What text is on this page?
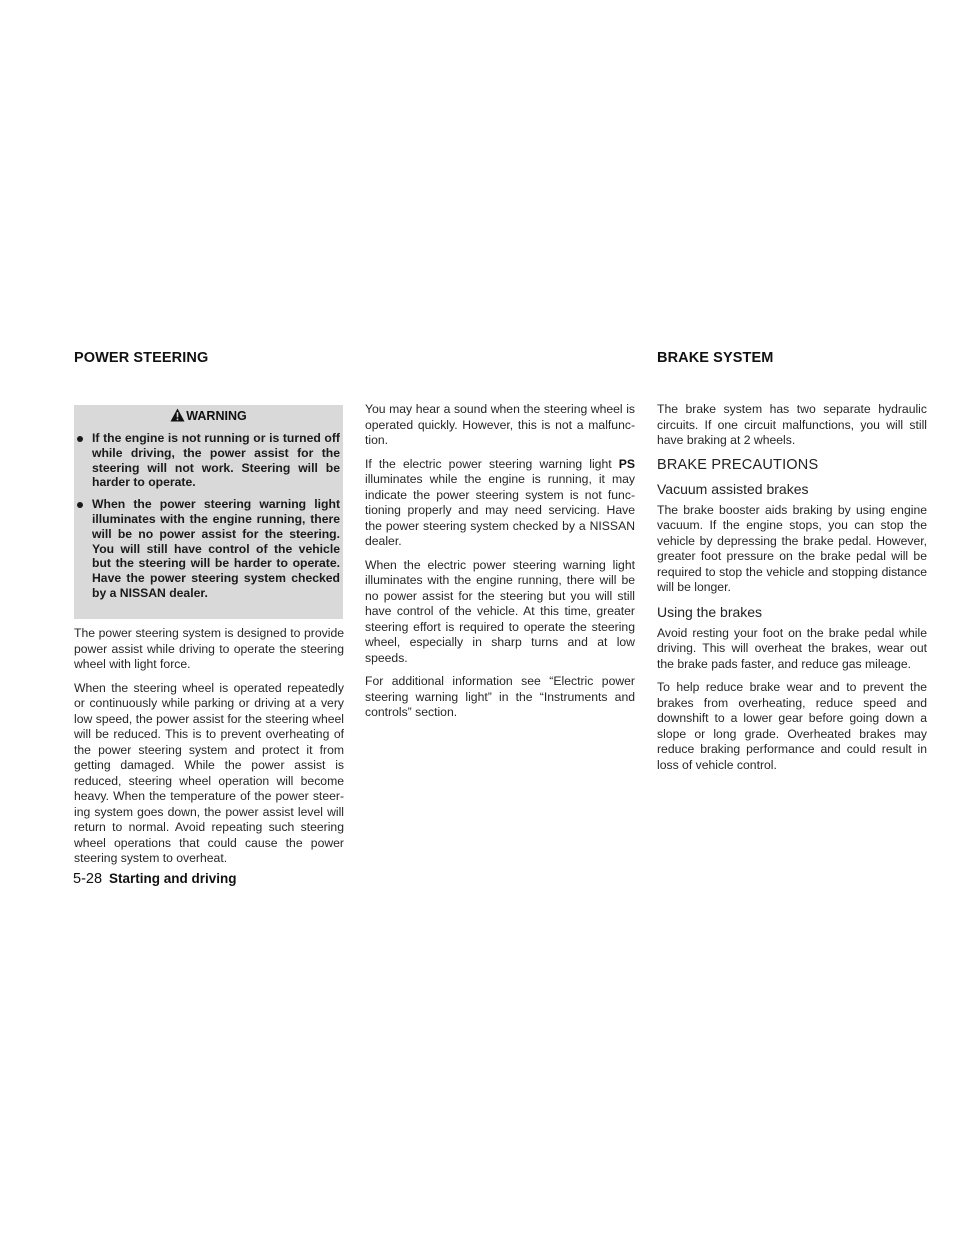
POWER STEERING
WARNING
If the engine is not running or is turned off while driving, the power assist for the steering will not work. Steering will be harder to operate.
When the power steering warning light illuminates with the engine running, there will be no power assist for the steering. You will still have control of the vehicle but the steering will be harder to operate. Have the power steering system checked by a NISSAN dealer.

The power steering system is designed to provide power assist while driving to operate the steering wheel with light force.

When the steering wheel is operated repeatedly or continuously while parking or driving at a very low speed, the power assist for the steering wheel will be reduced. This is to prevent overheating of the power steering system and protect it from getting damaged. While the power assist is reduced, steering wheel operation will become heavy. When the temperature of the power steering system goes down, the power assist level will return to normal. Avoid repeating such steering wheel operations that could cause the power steering system to overheat.

You may hear a sound when the steering wheel is operated quickly. However, this is not a malfunction.

If the electric power steering warning light PS illuminates while the engine is running, it may indicate the power steering system is not functioning properly and may need servicing. Have the power steering system checked by a NISSAN dealer.

When the electric power steering warning light illuminates with the engine running, there will be no power assist for the steering but you will still have control of the vehicle. At this time, greater steering effort is required to operate the steering wheel, especially in sharp turns and at low speeds.

For additional information see “Electric power steering warning light” in the “Instruments and controls” section.

BRAKE SYSTEM

The brake system has two separate hydraulic circuits. If one circuit malfunctions, you will still have braking at 2 wheels.

BRAKE PRECAUTIONS
Vacuum assisted brakes

The brake booster aids braking by using engine vacuum. If the engine stops, you can stop the vehicle by depressing the brake pedal. However, greater foot pressure on the brake pedal will be required to stop the vehicle and stopping distance will be longer.

Using the brakes

Avoid resting your foot on the brake pedal while driving. This will overheat the brakes, wear out the brake pads faster, and reduce gas mileage.

To help reduce brake wear and to prevent the brakes from overheating, reduce speed and downshift to a lower gear before going down a slope or long grade. Overheated brakes may reduce braking performance and could result in loss of vehicle control.

5-28 Starting and driving
